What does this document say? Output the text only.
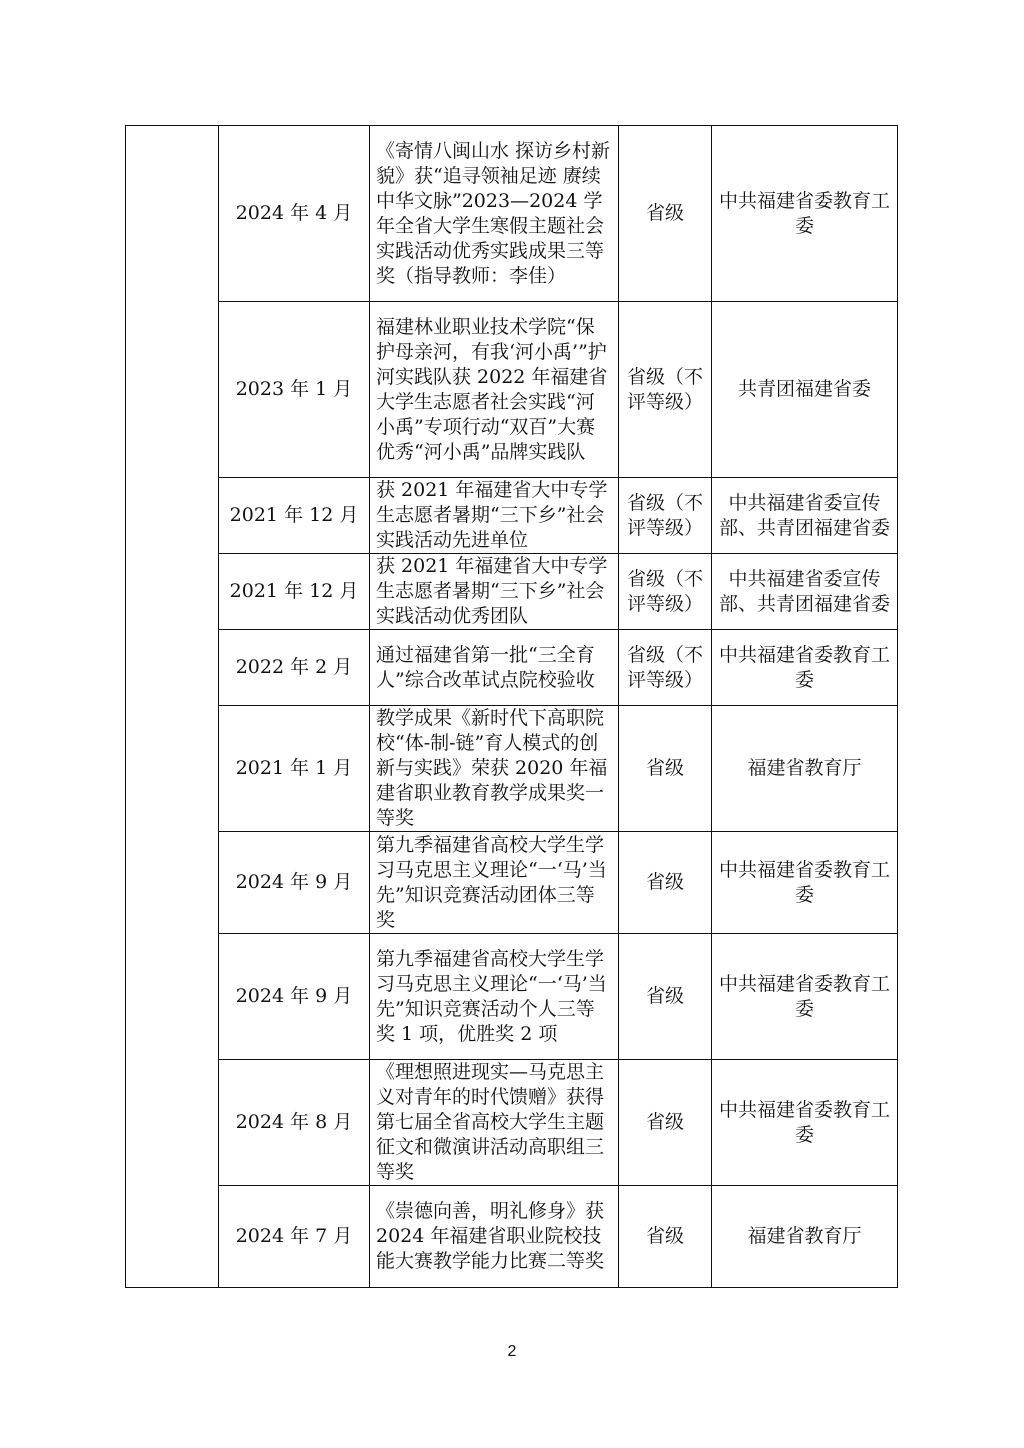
	2024 年 4 月	《寄情八闽山水 探访乡村新貌》获“追寻领袖足迹 赓续中华文脉”2023—2024 学年全省大学生寒假主题社会实践活动优秀实践成果三等奖（指导教师：李佳）	省级	中共福建省委教育工委
	2023 年 1 月	福建林业职业技术学院“保护母亲河，有我‘河小禹’”护河实践队获 2022 年福建省大学生志愿者社会实践“河小禹”专项行动“双百”大赛优秀“河小禹”品牌实践队	省级（不评等级）	共青团福建省委
	2021 年 12 月	获 2021 年福建省大中专学生志愿者暑期“三下乡”社会实践活动先进单位	省级（不评等级）	中共福建省委宣传部、共青团福建省委
	2021 年 12 月	获 2021 年福建省大中专学生志愿者暑期“三下乡”社会实践活动优秀团队	省级（不评等级）	中共福建省委宣传部、共青团福建省委
	2022 年 2 月	通过福建省第一批“三全育人”综合改革试点院校验收	省级（不评等级）	中共福建省委教育工委
	2021 年 1 月	教学成果《新时代下高职院校“体-制-链”育人模式的创新与实践》荣获 2020 年福建省职业教育教学成果奖一等奖	省级	福建省教育厅
	2024 年 9 月	第九季福建省高校大学生学习马克思主义理论“一‘马’当先”知识竞赛活动团体三等奖	省级	中共福建省委教育工委
	2024 年 9 月	第九季福建省高校大学生学习马克思主义理论“一‘马’当先”知识竞赛活动个人三等奖 1 项，优胜奖 2 项	省级	中共福建省委教育工委
	2024 年 8 月	《理想照进现实—马克思主义对青年的时代馈赠》获得第七届全省高校大学生主题征文和微演讲活动高职组三等奖	省级	中共福建省委教育工委
	2024 年 7 月	《崇德向善，明礼修身》获 2024 年福建省职业院校技能大赛教学能力比赛二等奖	省级	福建省教育厅
2
